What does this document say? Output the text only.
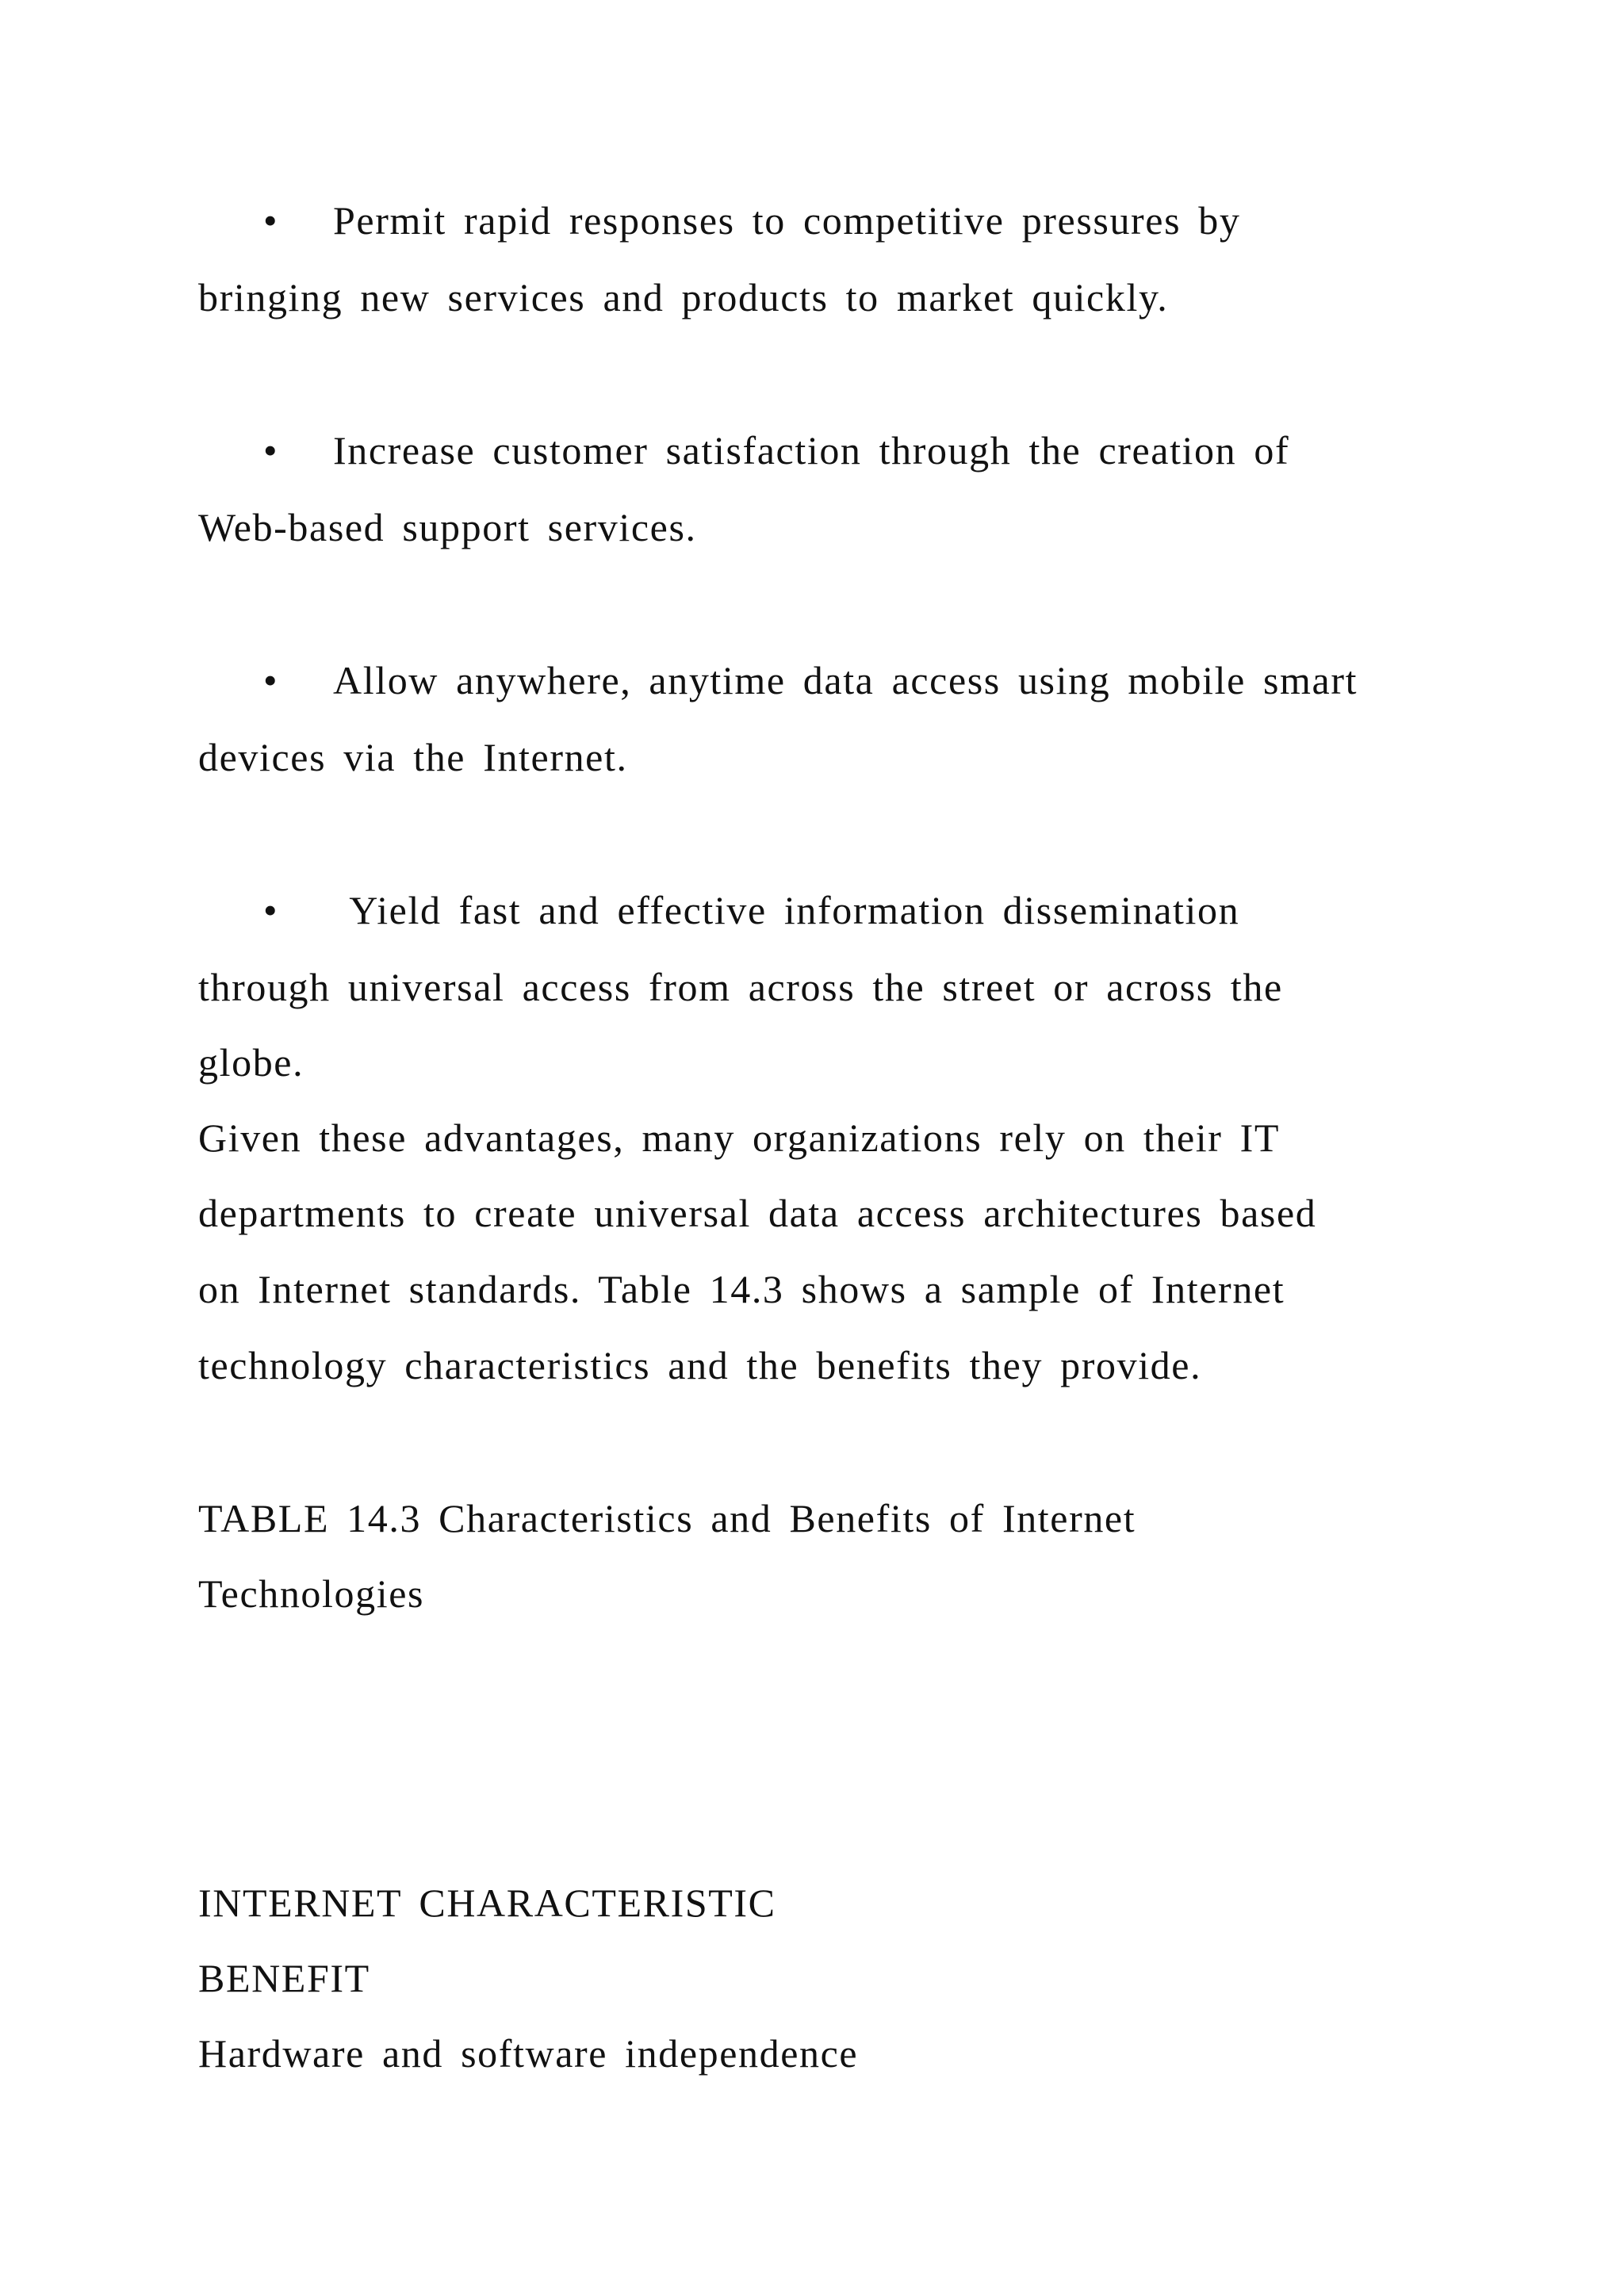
• Permit rapid responses to competitive pressures by

bringing new services and products to market quickly.

• Increase customer satisfaction through the creation of

Web-based support services.

• Allow anywhere, anytime data access using mobile smart

devices via the Internet.

• Yield fast and effective information dissemination

through universal access from across the street or across the

globe.

Given these advantages, many organizations rely on their IT

departments to create universal data access architectures based

on Internet standards. Table 14.3 shows a sample of Internet

technology characteristics and the benefits they provide.

TABLE 14.3 Characteristics and Benefits of Internet

Technologies

INTERNET CHARACTERISTIC

BENEFIT

Hardware and software independence
